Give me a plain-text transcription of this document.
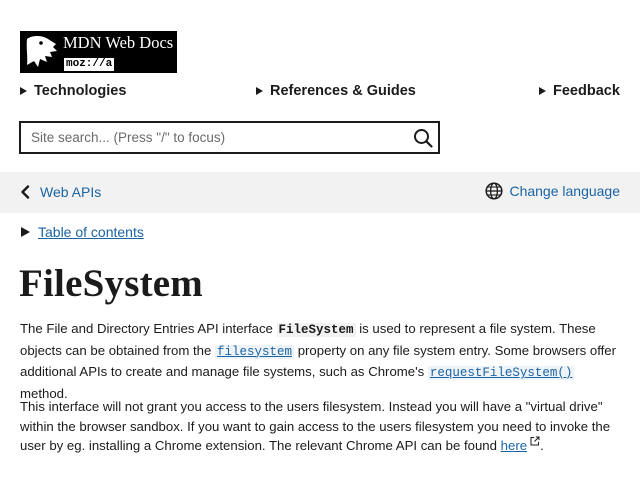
MDN Web Docs
moz://a
Technologies	References & Guides	Feedback
Site search... (Press "/" to focus)
Web APIs	Change language
Table of contents
FileSystem

The File and Directory Entries API interface FileSystem is used to represent a file system. These objects can be obtained from the filesystem property on any file system entry. Some browsers offer additional APIs to create and manage file systems, such as Chrome's requestFileSystem() method.

This interface will not grant you access to the users filesystem. Instead you will have a "virtual drive" within the browser sandbox. If you want to gain access to the users filesystem you need to invoke the user by eg. installing a Chrome extension. The relevant Chrome API can be found here .
